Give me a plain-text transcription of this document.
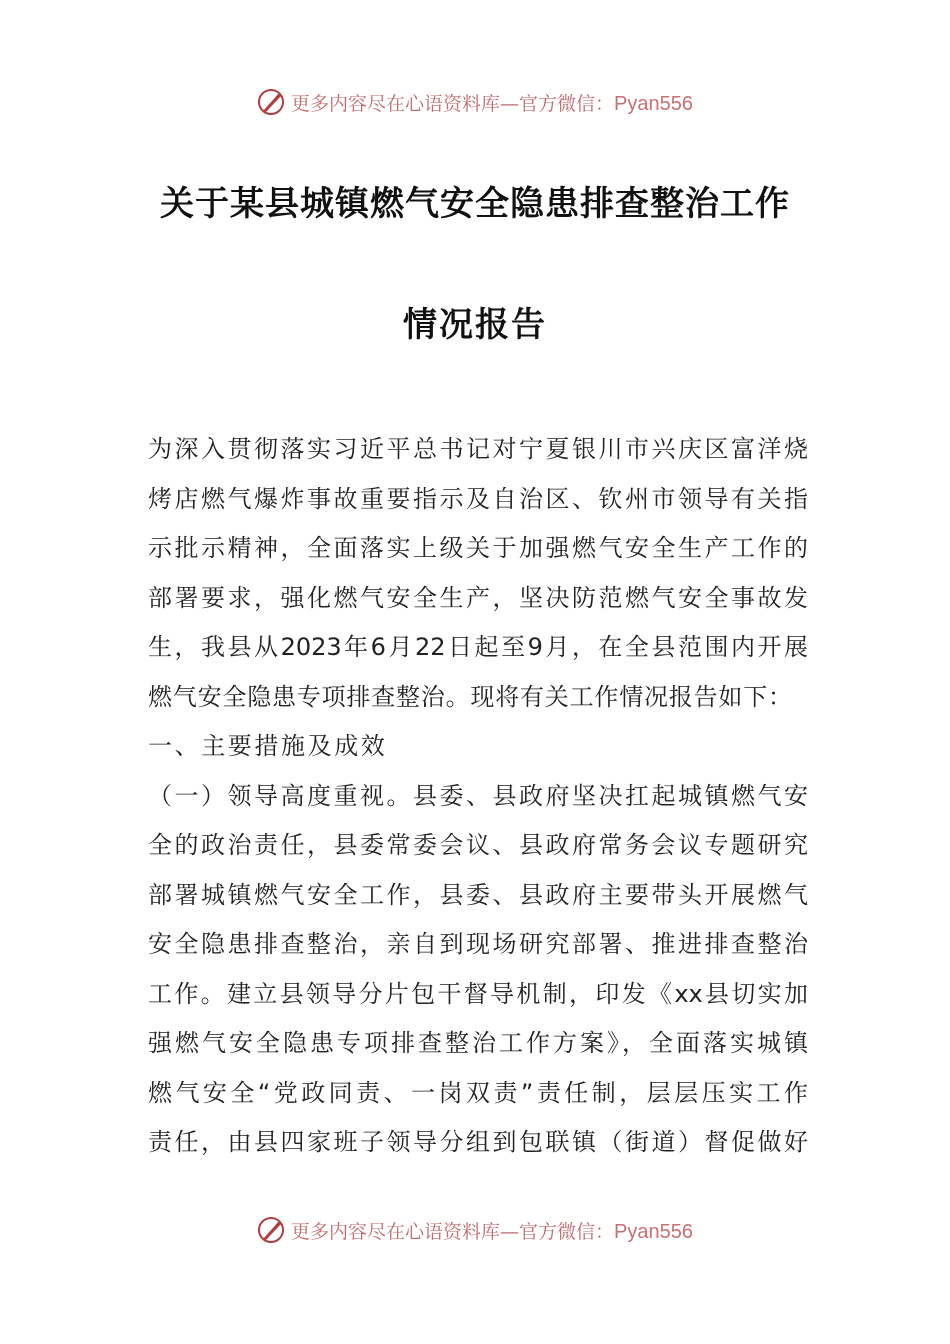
更多内容尽在心语资料库—官方微信：Pyan556
关于某县城镇燃气安全隐患排查整治工作
情况报告
为深入贯彻落实习近平总书记对宁夏银川市兴庆区富洋烧
烤店燃气爆炸事故重要指示及自治区、钦州市领导有关指
示批示精神，全面落实上级关于加强燃气安全生产工作的
部署要求，强化燃气安全生产，坚决防范燃气安全事故发
生，我县从2023年6月22日起至9月，在全县范围内开展
燃气安全隐患专项排查整治。现将有关工作情况报告如下：
一、主要措施及成效
（一）领导高度重视。县委、县政府坚决扛起城镇燃气安
全的政治责任，县委常委会议、县政府常务会议专题研究
部署城镇燃气安全工作，县委、县政府主要带头开展燃气
安全隐患排查整治，亲自到现场研究部署、推进排查整治
工作。建立县领导分片包干督导机制，印发《xx县切实加
强燃气安全隐患专项排查整治工作方案》，全面落实城镇
燃气安全“党政同责、一岗双责”责任制，层层压实工作
责任，由县四家班子领导分组到包联镇（街道）督促做好
更多内容尽在心语资料库—官方微信：Pyan556
